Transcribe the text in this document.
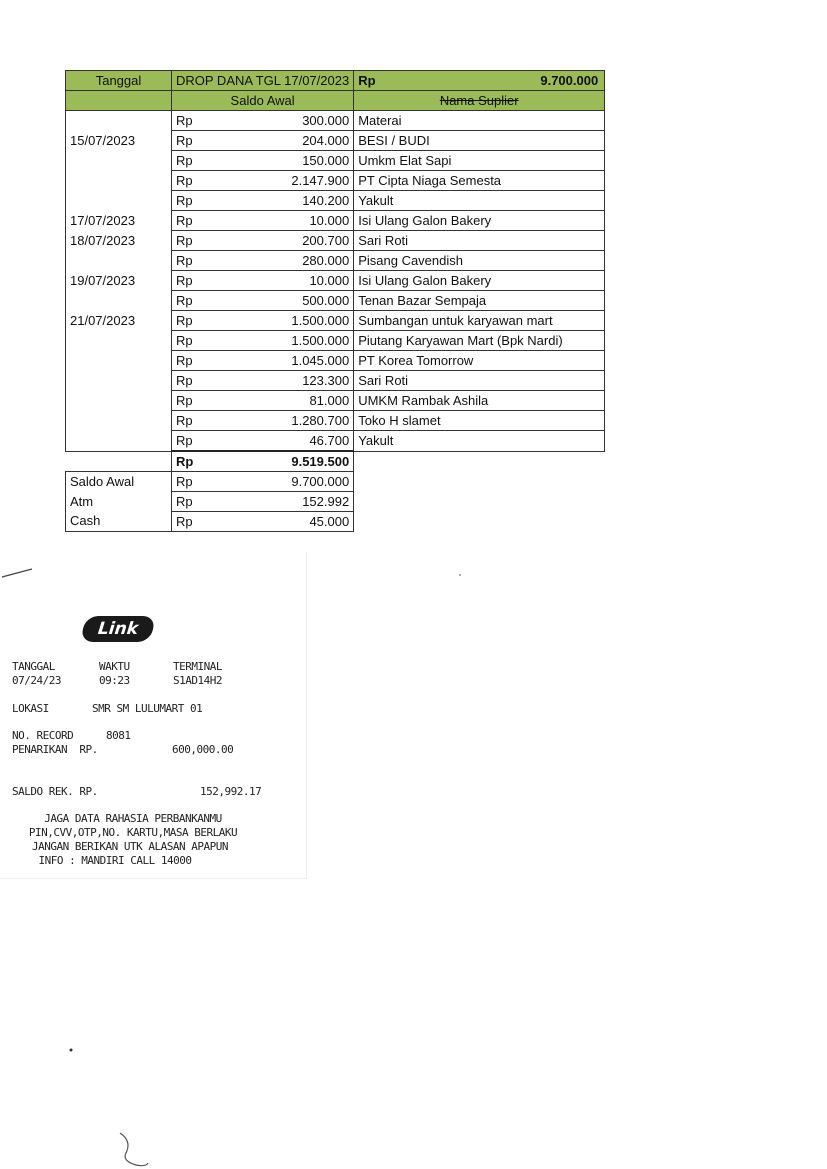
Tanggal	DROP DANA TGL 17/07/2023		Rp 9.700.000

	Saldo Awal		Nama Suplier
	Rp	300.000	Materai
15/07/2023	Rp	204.000	BESI / BUDI
	Rp	150.000	Umkm Elat Sapi
	Rp	2.147.900	PT Cipta Niaga Semesta
	Rp	140.200	Yakult
17/07/2023	Rp	10.000	Isi Ulang Galon Bakery
18/07/2023	Rp	200.700	Sari Roti
	Rp	280.000	Pisang Cavendish
19/07/2023	Rp	10.000	Isi Ulang Galon Bakery
	Rp	500.000	Tenan Bazar Sempaja
21/07/2023	Rp	1.500.000	Sumbangan untuk karyawan mart
	Rp	1.500.000	Piutang Karyawan Mart (Bpk Nardi)
	Rp	1.045.000	PT Korea Tomorrow
	Rp	123.300	Sari Roti
	Rp	81.000	UMKM Rambak Ashila
	Rp	1.280.700	Toko H slamet
	Rp	46.700	Yakult
	Rp	9.519.500	
Saldo Awal	Rp	9.700.000	
Atm	Rp	152.992	
Cash	Rp	45.000	
Link
TANGGAL	WAKTU	TERMINAL
07/24/23	09:23	S1AD14H2
LOKASI	SMR SM LULUMART 01
NO. RECORD	8081
PENARIKAN  RP.	600,000.00
SALDO REK. RP.	152,992.17
JAGA DATA RAHASIA PERBANKANMU
PIN,CVV,OTP,NO. KARTU,MASA BERLAKU
JANGAN BERIKAN UTK ALASAN APAPUN
INFO : MANDIRI CALL 14000
